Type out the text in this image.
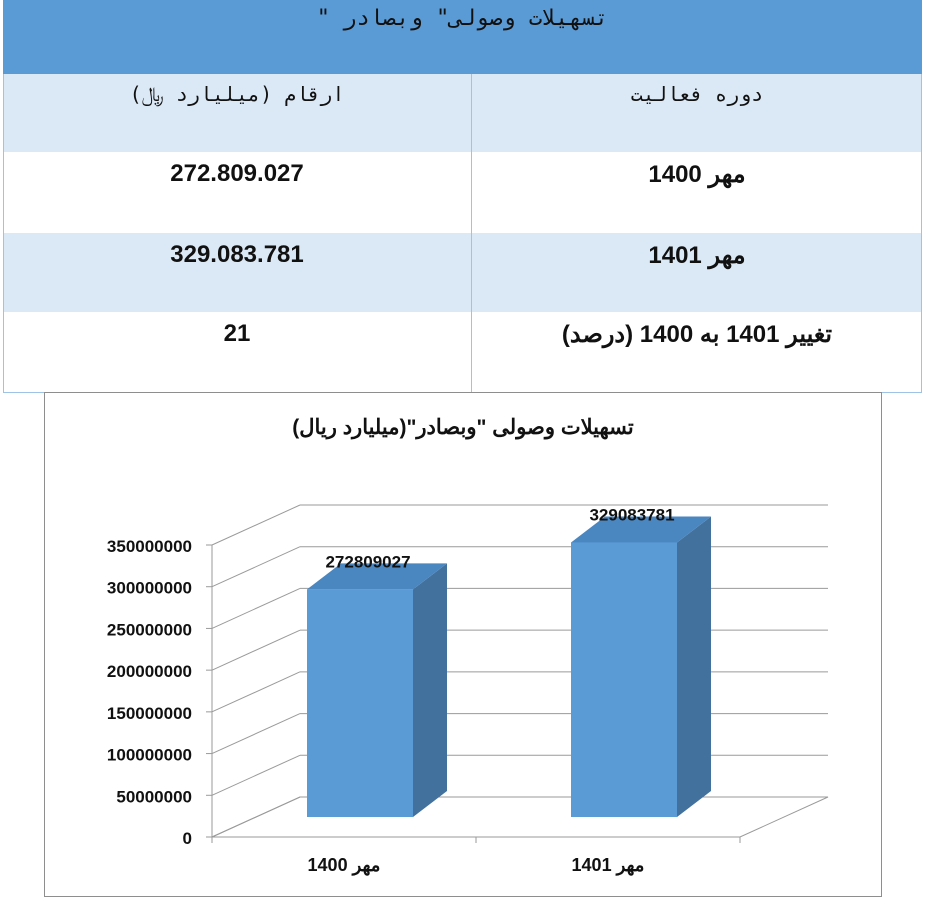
تسهیلات وصولی" وبصادر "
ارقام (میلیارد ﷼)	دوره فعالیت
272.809.027	مهر 1400
329.083.781	مهر 1401
21	تغییر 1401 به 1400 (درصد)
تسهیلات وصولی "وبصادر"(میلیارد ریال)
0
50000000
100000000
150000000
200000000
250000000
300000000
350000000
272809027
مهر 1400
329083781
مهر 1401
